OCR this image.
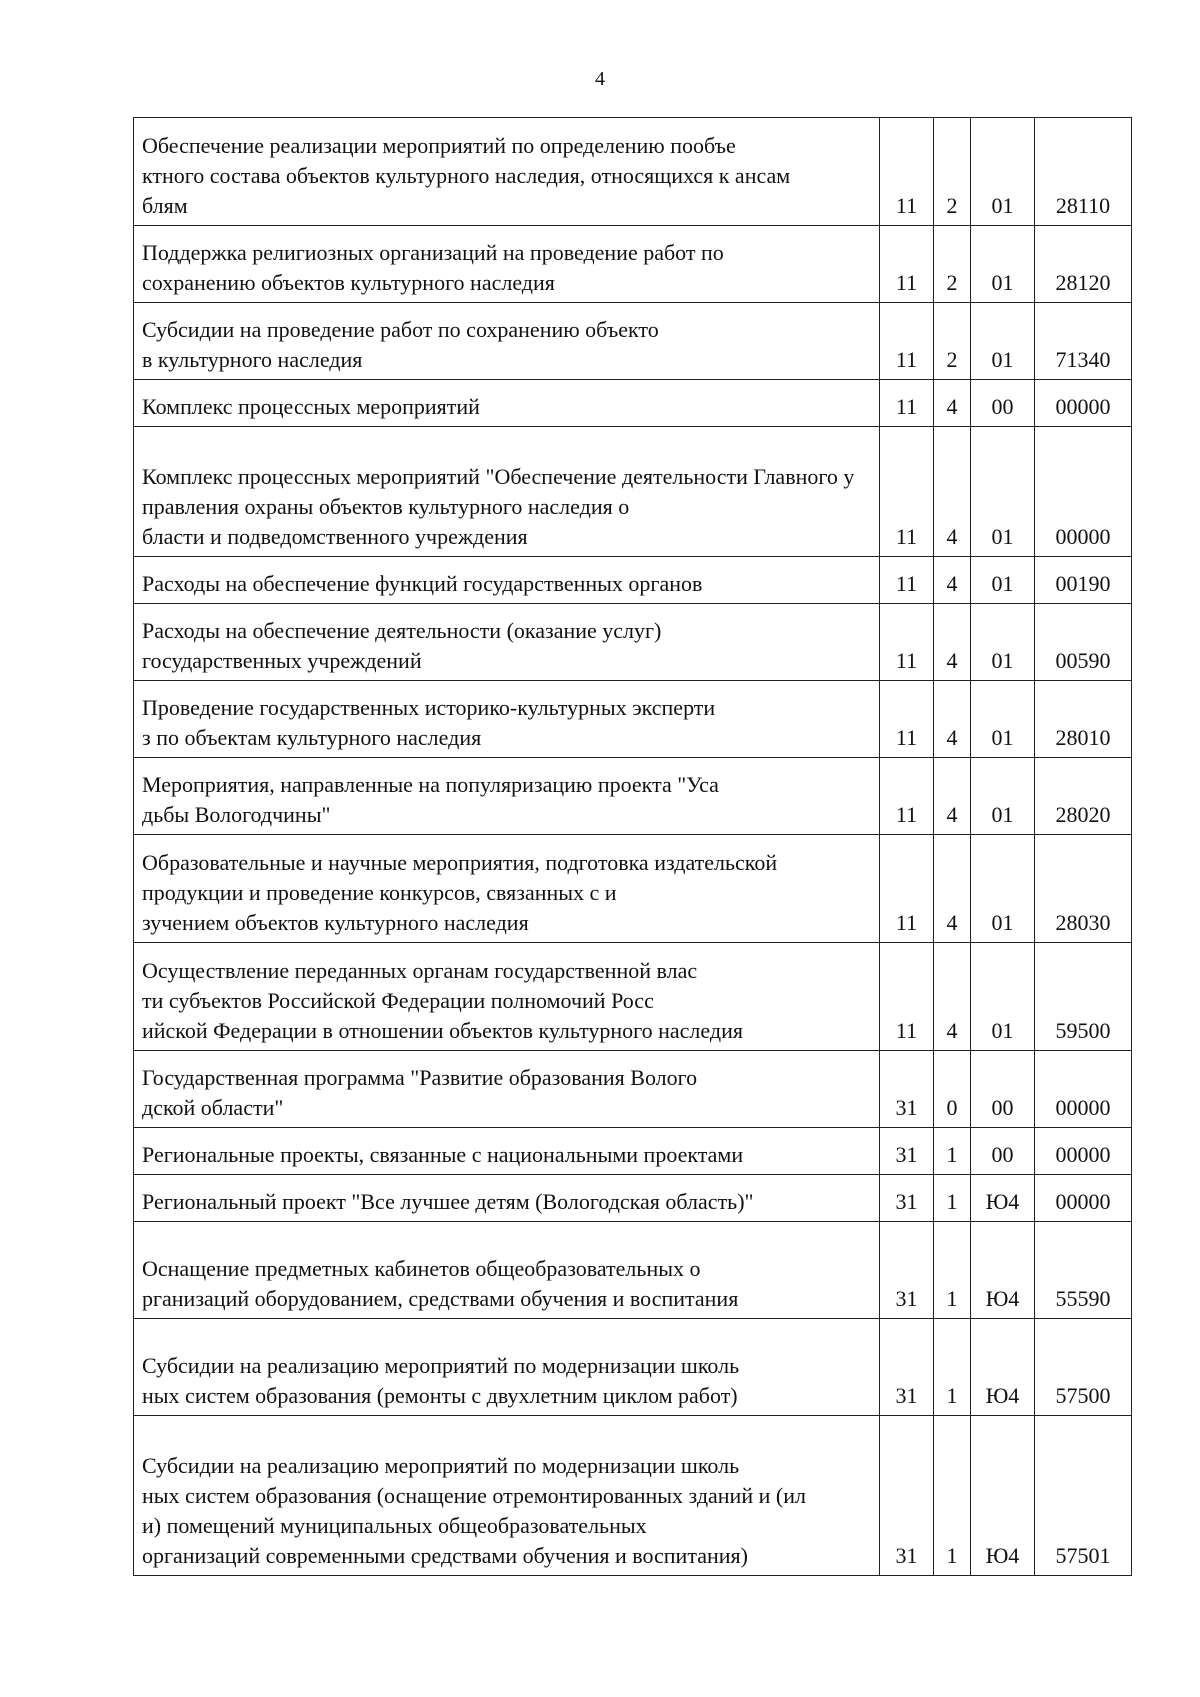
4
Обеспечение реализации мероприятий по определению пообъе
ктного состава объектов культурного наследия, относящихся к ансам
блям	11	2	01	28110

Поддержка религиозных организаций на проведение работ по
сохранению объектов культурного наследия	11	2	01	28120

Субсидии на проведение работ по сохранению объекто
в культурного наследия	11	2	01	71340

Комплекс процессных мероприятий	11	4	00	00000

Комплекс процессных мероприятий "Обеспечение деятельности Главного у
правления охраны объектов культурного наследия о
бласти и подведомственного учреждения	11	4	01	00000

Расходы на обеспечение функций государственных органов	11	4	01	00190

Расходы на обеспечение деятельности (оказание услуг)
государственных учреждений	11	4	01	00590

Проведение государственных историко-культурных эксперти
з по объектам культурного наследия	11	4	01	28010

Мероприятия, направленные на популяризацию проекта "Уса
дьбы Вологодчины"	11	4	01	28020

Образовательные и научные мероприятия, подготовка издательской
продукции и проведение конкурсов, связанных с и
зучением объектов культурного наследия	11	4	01	28030

Осуществление переданных органам государственной влас
ти субъектов Российской Федерации полномочий Росс
ийской Федерации в отношении объектов культурного наследия	11	4	01	59500

Государственная программа "Развитие образования Волого
дской области"	31	0	00	00000

Региональные проекты, связанные с национальными проектами	31	1	00	00000

Региональный проект "Все лучшее детям (Вологодская область)"	31	1	Ю4	00000

Оснащение предметных кабинетов общеобразовательных о
рганизаций оборудованием, средствами обучения и воспитания	31	1	Ю4	55590

Субсидии на реализацию мероприятий по модернизации школь
ных систем образования (ремонты с двухлетним циклом работ)	31	1	Ю4	57500

Субсидии на реализацию мероприятий по модернизации школь
ных систем образования (оснащение отремонтированных зданий и (ил
и) помещений муниципальных общеобразовательных
организаций современными средствами обучения и воспитания)	31	1	Ю4	57501
